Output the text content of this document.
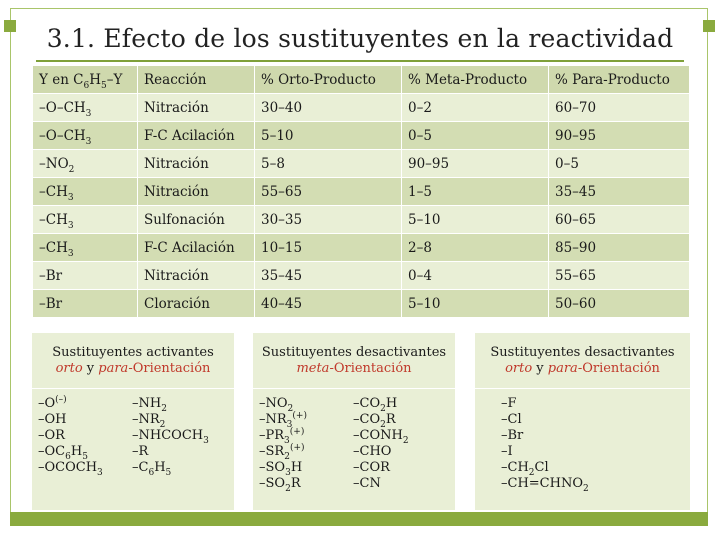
3.1. Efecto de los sustituyentes en la reactividad
Y en $C_6H_5-Y$	Reacción	% Orto-Producto	% Meta-Producto	% Para-Producto
$-O-CH_3$	Nitración	30–40	0–2	60–70
$-O-CH_3$	F-C Acilación	5–10	0–5	90–95
$-NO_2$	Nitración	5–8	90–95	0–5
$-CH_3$	Nitración	55–65	1–5	35–45
$-CH_3$	Sulfonación	30–35	5–10	60–65
$-CH_3$	F-C Acilación	10–15	2–8	85–90
–Br	Nitración	35–45	0–4	55–65
–Br	Cloración	40–45	5–10	50–60
Sustituyentes activantes
orto y para-Orientación
–O(–)
–OH
–OR
$-OC_6H_5$
$-OCOCH_3$
$-NH_2$
$-NR_2$
$-NHCOCH_3$
–R
$-C_6H_5$
Sustituyentes desactivantes
meta-Orientación
$-NO_2$
$-NR_3^{(+)}$
$-PR_3^{(+)}$
$-SR_2^{(+)}$
$-SO_3H$
$-SO_2R$
$-CO_2H$
$-CO_2R$
$-CONH_2$
–CHO
–COR
–CN
Sustituyentes desactivantes
orto y para-Orientación
–F
–Cl
–Br
–I
$-CH_2Cl$
$-CH=CHNO_2$
